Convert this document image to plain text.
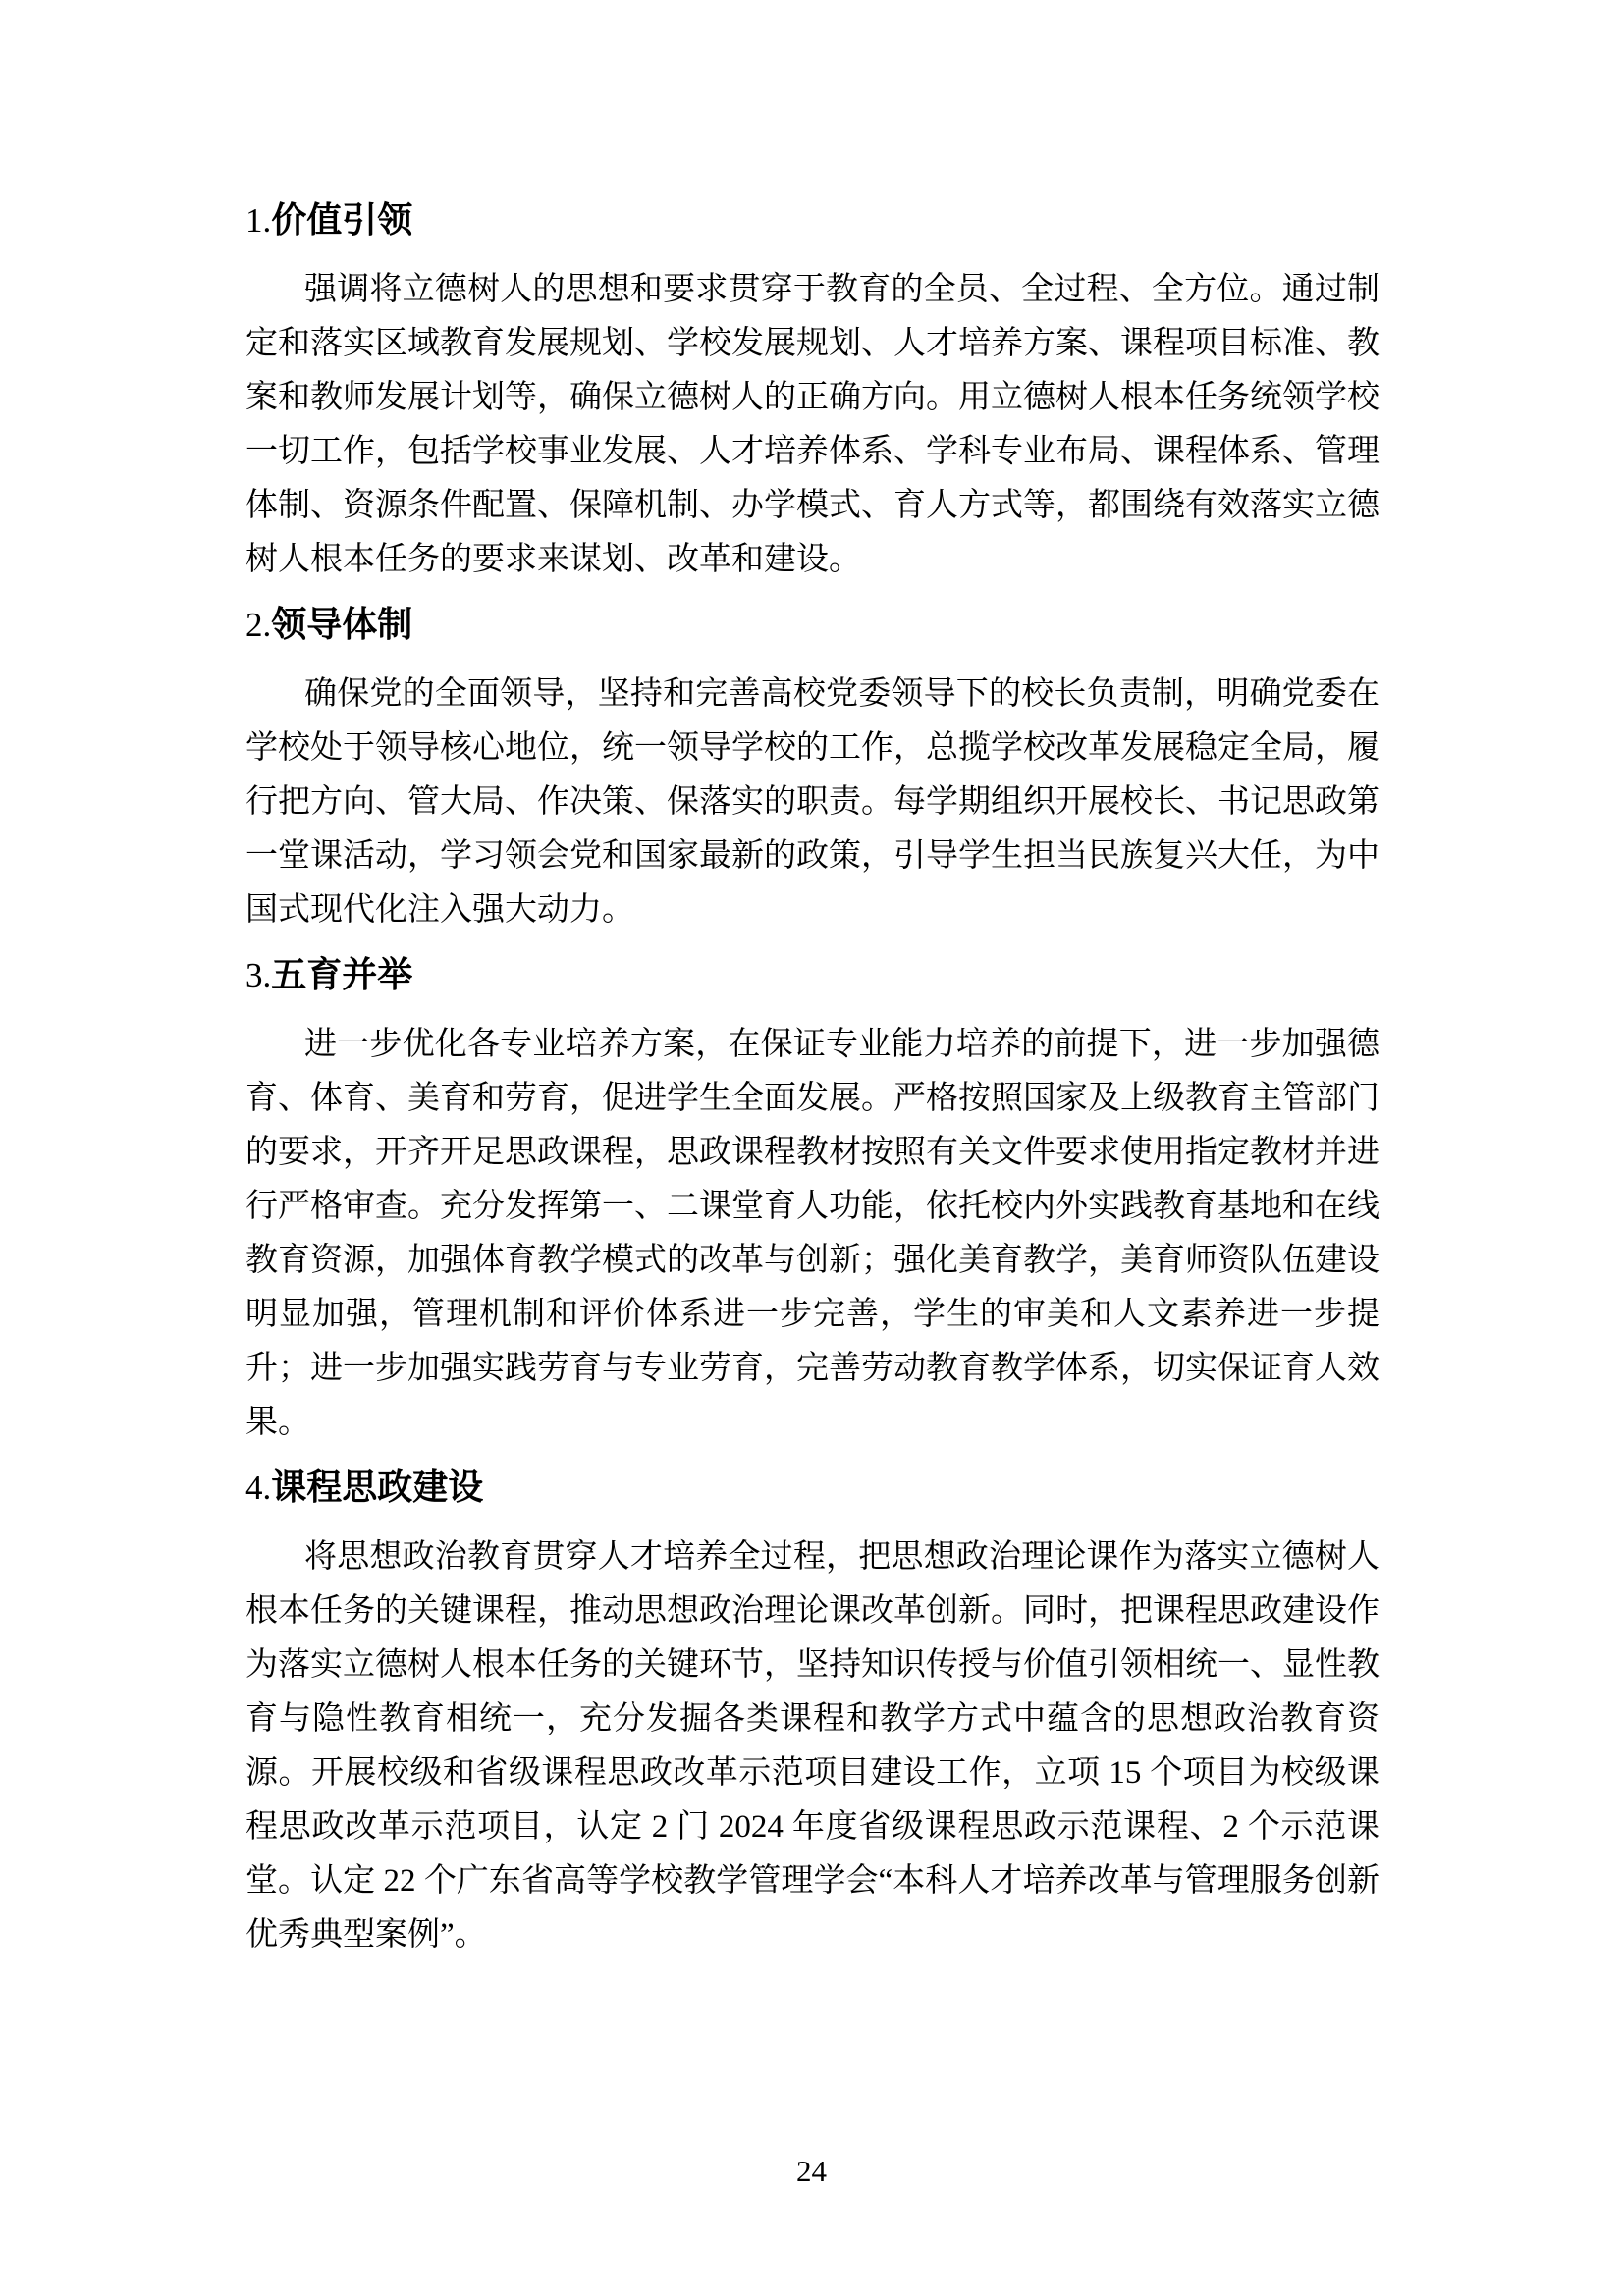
1.价值引领

强调将立德树人的思想和要求贯穿于教育的全员、全过程、全方位。通过制定和落实区域教育发展规划、学校发展规划、人才培养方案、课程项目标准、教案和教师发展计划等，确保立德树人的正确方向。用立德树人根本任务统领学校一切工作，包括学校事业发展、人才培养体系、学科专业布局、课程体系、管理体制、资源条件配置、保障机制、办学模式、育人方式等，都围绕有效落实立德树人根本任务的要求来谋划、改革和建设。

2.领导体制

确保党的全面领导，坚持和完善高校党委领导下的校长负责制，明确党委在学校处于领导核心地位，统一领导学校的工作，总揽学校改革发展稳定全局，履行把方向、管大局、作决策、保落实的职责。每学期组织开展校长、书记思政第一堂课活动，学习领会党和国家最新的政策，引导学生担当民族复兴大任，为中国式现代化注入强大动力。

3.五育并举

进一步优化各专业培养方案，在保证专业能力培养的前提下，进一步加强德育、体育、美育和劳育，促进学生全面发展。严格按照国家及上级教育主管部门的要求，开齐开足思政课程，思政课程教材按照有关文件要求使用指定教材并进行严格审查。充分发挥第一、二课堂育人功能，依托校内外实践教育基地和在线教育资源，加强体育教学模式的改革与创新；强化美育教学，美育师资队伍建设明显加强，管理机制和评价体系进一步完善，学生的审美和人文素养进一步提升；进一步加强实践劳育与专业劳育，完善劳动教育教学体系，切实保证育人效果。

4.课程思政建设

将思想政治教育贯穿人才培养全过程，把思想政治理论课作为落实立德树人根本任务的关键课程，推动思想政治理论课改革创新。同时，把课程思政建设作为落实立德树人根本任务的关键环节，坚持知识传授与价值引领相统一、显性教育与隐性教育相统一，充分发掘各类课程和教学方式中蕴含的思想政治教育资源。开展校级和省级课程思政改革示范项目建设工作，立项 15 个项目为校级课程思政改革示范项目，认定 2 门 2024 年度省级课程思政示范课程、2 个示范课堂。认定 22 个广东省高等学校教学管理学会“本科人才培养改革与管理服务创新优秀典型案例”。

24
